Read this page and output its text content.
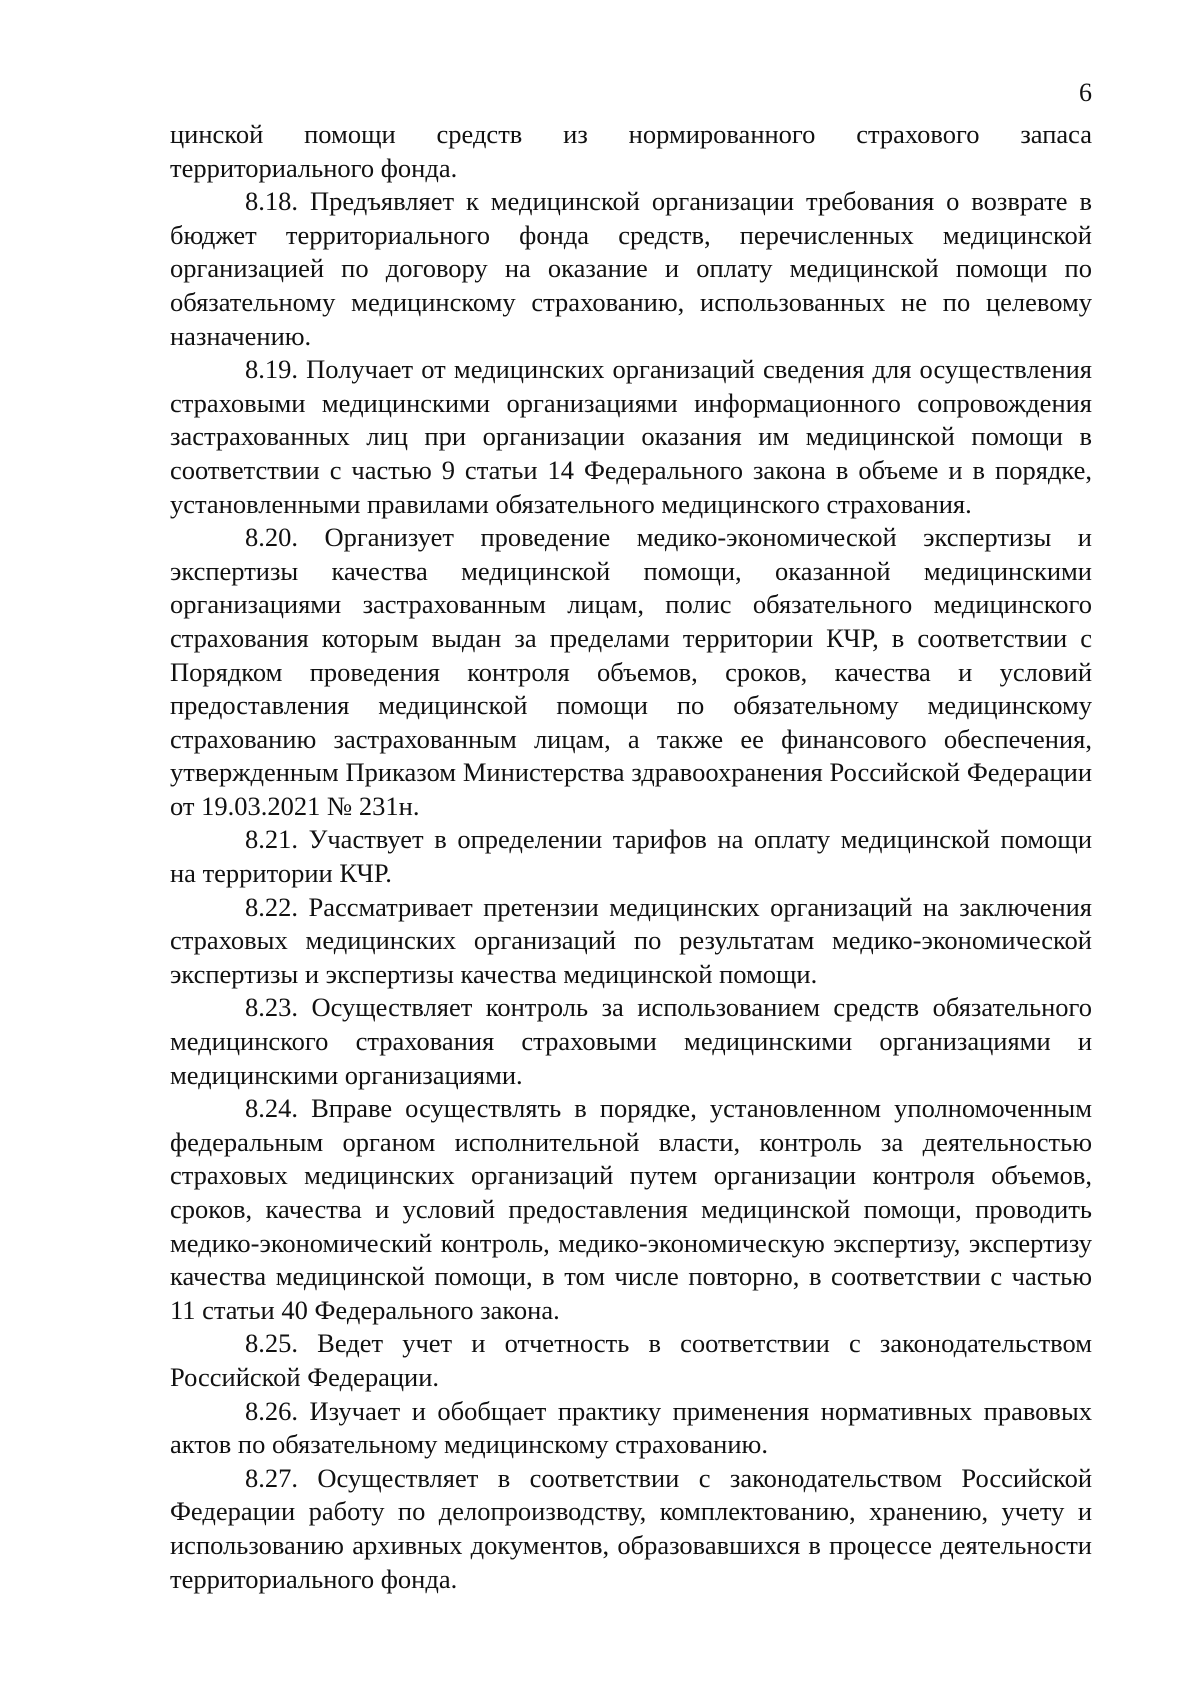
6

цинской помощи средств из нормированного страхового запаса территориального фонда.

8.18. Предъявляет к медицинской организации требования о возврате в бюджет территориального фонда средств, перечисленных медицинской организацией по договору на оказание и оплату медицинской помощи по обязательному медицинскому страхованию, использованных не по целевому назначению.

8.19. Получает от медицинских организаций сведения для осуществления страховыми медицинскими организациями информационного сопровождения застрахованных лиц при организации оказания им медицинской помощи в соответствии с частью 9 статьи 14 Федерального закона в объеме и в порядке, установленными правилами обязательного медицинского страхования.

8.20. Организует проведение медико-экономической экспертизы и экспертизы качества медицинской помощи, оказанной медицинскими организациями застрахованным лицам, полис обязательного медицинского страхования которым выдан за пределами территории КЧР, в соответствии с Порядком проведения контроля объемов, сроков, качества и условий предоставления медицинской помощи по обязательному медицинскому страхованию застрахованным лицам, а также ее финансового обеспечения, утвержденным Приказом Министерства здравоохранения Российской Федерации от 19.03.2021 № 231н.

8.21. Участвует в определении тарифов на оплату медицинской помощи на территории КЧР.

8.22. Рассматривает претензии медицинских организаций на заключения страховых медицинских организаций по результатам медико-экономической экспертизы и экспертизы качества медицинской помощи.

8.23. Осуществляет контроль за использованием средств обязательного медицинского страхования страховыми медицинскими организациями и медицинскими организациями.

8.24. Вправе осуществлять в порядке, установленном уполномоченным федеральным органом исполнительной власти, контроль за деятельностью страховых медицинских организаций путем организации контроля объемов, сроков, качества и условий предоставления медицинской помощи, проводить медико-экономический контроль, медико-экономическую экспертизу, экспертизу качества медицинской помощи, в том числе повторно, в соответствии с частью 11 статьи 40 Федерального закона.

8.25. Ведет учет и отчетность в соответствии с законодательством Российской Федерации.

8.26. Изучает и обобщает практику применения нормативных правовых актов по обязательному медицинскому страхованию.

8.27. Осуществляет в соответствии с законодательством Российской Федерации работу по делопроизводству, комплектованию, хранению, учету и использованию архивных документов, образовавшихся в процессе деятельности территориального фонда.
